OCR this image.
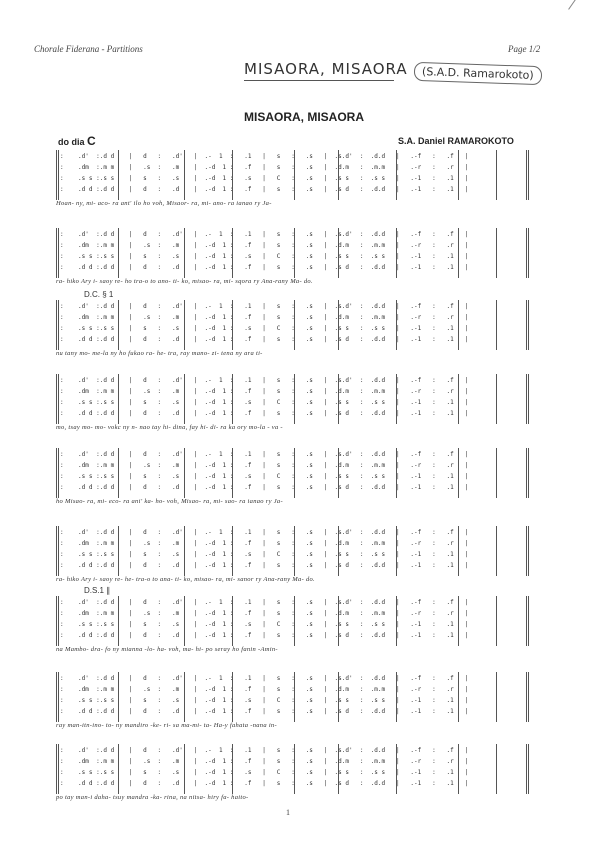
Chorale Fiderana - Partitions	Page 1/2
MISAORA, MISAORA	(S.A.D. Ramarokoto)
MISAORA, MISAORA
do dia C	S.A. Daniel RAMAROKOTO
:    .d'  :.d d    |   d   :   .d'   |  .-  1  :   .1   |   s   :   .s   |  .s.d'  :  .d.d   |   .-f   :   .f   |
:    .dm  :.m m    |   .s  :   .m    |  .-d  1 :   .f   |   s   :   .s   |  .d.m   :  .m.m   |   .-r   :   .r   |
:    .s s :.s s    |   s   :   .s    |  .-d  1 :   .s   |   C   :   .s   |  .s s   :  .s s   |   .-1   :   .1   |
:    .d d :.d d    |   d   :   .d    |  .-d  1 :   .f   |   s   :   .s   |  .s d   :  .d.d   |   .-1   :   .1   |
Hoan- ny, mi- aco- ra ant' ilo ho voh, Misaor- ra, mi- ano- ra ianao ry Ja-
:    .d'  :.d d    |   d   :   .d'   |  .-  1  :   .1   |   s   :   .s   |  .s.d'  :  .d.d   |   .-f   :   .f   |
:    .dm  :.m m    |   .s  :   .m    |  .-d  1 :   .f   |   s   :   .s   |  .d.m   :  .m.m   |   .-r   :   .r   |
:    .s s :.s s    |   s   :   .s    |  .-d  1 :   .s   |   C   :   .s   |  .s s   :  .s s   |   .-1   :   .1   |
:    .d d :.d d    |   d   :   .d    |  .-d  1 :   .f   |   s   :   .s   |  .s d   :  .d.d   |   .-1   :   .1   |
ra- hiko Ary i- saoy re- ho tra-o to ano- ti- ko, misao- ra, mi- sqora ry Ana-rany Ma- do.
:    .d'  :.d d    |   d   :   .d'   |  .-  1  :   .1   |   s   :   .s   |  .s.d'  :  .d.d   |   .-f   :   .f   |
:    .dm  :.m m    |   .s  :   .m    |  .-d  1 :   .f   |   s   :   .s   |  .d.m   :  .m.m   |   .-r   :   .r   |
:    .s s :.s s    |   s   :   .s    |  .-d  1 :   .s   |   C   :   .s   |  .s s   :  .s s   |   .-1   :   .1   |
:    .d d :.d d    |   d   :   .d    |  .-d  1 :   .f   |   s   :   .s   |  .s d   :  .d.d   |   .-1   :   .1   |
nu tany mo- me-la ny ho fukao ra- he- tra, ray mano- zi- tena ny ara ti-
D.C. § 1
:    .d'  :.d d    |   d   :   .d'   |  .-  1  :   .1   |   s   :   .s   |  .s.d'  :  .d.d   |   .-f   :   .f   |
:    .dm  :.m m    |   .s  :   .m    |  .-d  1 :   .f   |   s   :   .s   |  .d.m   :  .m.m   |   .-r   :   .r   |
:    .s s :.s s    |   s   :   .s    |  .-d  1 :   .s   |   C   :   .s   |  .s s   :  .s s   |   .-1   :   .1   |
:    .d d :.d d    |   d   :   .d    |  .-d  1 :   .f   |   s   :   .s   |  .s d   :  .d.d   |   .-1   :   .1   |
mo, tsay mo- mo- vokc ny n- nao tay hi- dina, fay hi- di- ra ka ory mo-la - va -
:    .d'  :.d d    |   d   :   .d'   |  .-  1  :   .1   |   s   :   .s   |  .s.d'  :  .d.d   |   .-f   :   .f   |
:    .dm  :.m m    |   .s  :   .m    |  .-d  1 :   .f   |   s   :   .s   |  .d.m   :  .m.m   |   .-r   :   .r   |
:    .s s :.s s    |   s   :   .s    |  .-d  1 :   .s   |   C   :   .s   |  .s s   :  .s s   |   .-1   :   .1   |
:    .d d :.d d    |   d   :   .d    |  .-d  1 :   .f   |   s   :   .s   |  .s d   :  .d.d   |   .-1   :   .1   |
ho Misao- ra, mi- eco- ra ani' ka- ho- voh, Misao- ra, mi- sao- ra ianao ry Ja-
:    .d'  :.d d    |   d   :   .d'   |  .-  1  :   .1   |   s   :   .s   |  .s.d'  :  .d.d   |   .-f   :   .f   |
:    .dm  :.m m    |   .s  :   .m    |  .-d  1 :   .f   |   s   :   .s   |  .d.m   :  .m.m   |   .-r   :   .r   |
:    .s s :.s s    |   s   :   .s    |  .-d  1 :   .s   |   C   :   .s   |  .s s   :  .s s   |   .-1   :   .1   |
:    .d d :.d d    |   d   :   .d    |  .-d  1 :   .f   |   s   :   .s   |  .s d   :  .d.d   |   .-1   :   .1   |
ra- hiko Ary i- saoy re- he- tra-o to ana- ti- ko, misao- ra, mi- sanor ry Ana-rany Ma- do.
:    .d'  :.d d    |   d   :   .d'   |  .-  1  :   .1   |   s   :   .s   |  .s.d'  :  .d.d   |   .-f   :   .f   |
:    .dm  :.m m    |   .s  :   .m    |  .-d  1 :   .f   |   s   :   .s   |  .d.m   :  .m.m   |   .-r   :   .r   |
:    .s s :.s s    |   s   :   .s    |  .-d  1 :   .s   |   C   :   .s   |  .s s   :  .s s   |   .-1   :   .1   |
:    .d d :.d d    |   d   :   .d    |  .-d  1 :   .f   |   s   :   .s   |  .s d   :  .d.d   |   .-1   :   .1   |
na Mambo- dra- fo ny mianna -lo- ha- voh, ma- hi- po seray ho fanin -Amin-
D.S.1 ∥
:    .d'  :.d d    |   d   :   .d'   |  .-  1  :   .1   |   s   :   .s   |  .s.d'  :  .d.d   |   .-f   :   .f   |
:    .dm  :.m m    |   .s  :   .m    |  .-d  1 :   .f   |   s   :   .s   |  .d.m   :  .m.m   |   .-r   :   .r   |
:    .s s :.s s    |   s   :   .s    |  .-d  1 :   .s   |   C   :   .s   |  .s s   :  .s s   |   .-1   :   .1   |
:    .d d :.d d    |   d   :   .d    |  .-d  1 :   .f   |   s   :   .s   |  .s d   :  .d.d   |   .-1   :   .1   |
ray man-itn-ino- to- ny mandiro -ke- ri- sa ma-mi- ta- Ha-y fahata -nana in-
:    .d'  :.d d    |   d   :   .d'   |  .-  1  :   .1   |   s   :   .s   |  .s.d'  :  .d.d   |   .-f   :   .f   |
:    .dm  :.m m    |   .s  :   .m    |  .-d  1 :   .f   |   s   :   .s   |  .d.m   :  .m.m   |   .-r   :   .r   |
:    .s s :.s s    |   s   :   .s    |  .-d  1 :   .s   |   C   :   .s   |  .s s   :  .s s   |   .-1   :   .1   |
:    .d d :.d d    |   d   :   .d    |  .-d  1 :   .f   |   s   :   .s   |  .s d   :  .d.d   |   .-1   :   .1   |
po tay man-i daha- tsuy mandra -ka- rina, na nitsa- hiry fa- haito-
1
